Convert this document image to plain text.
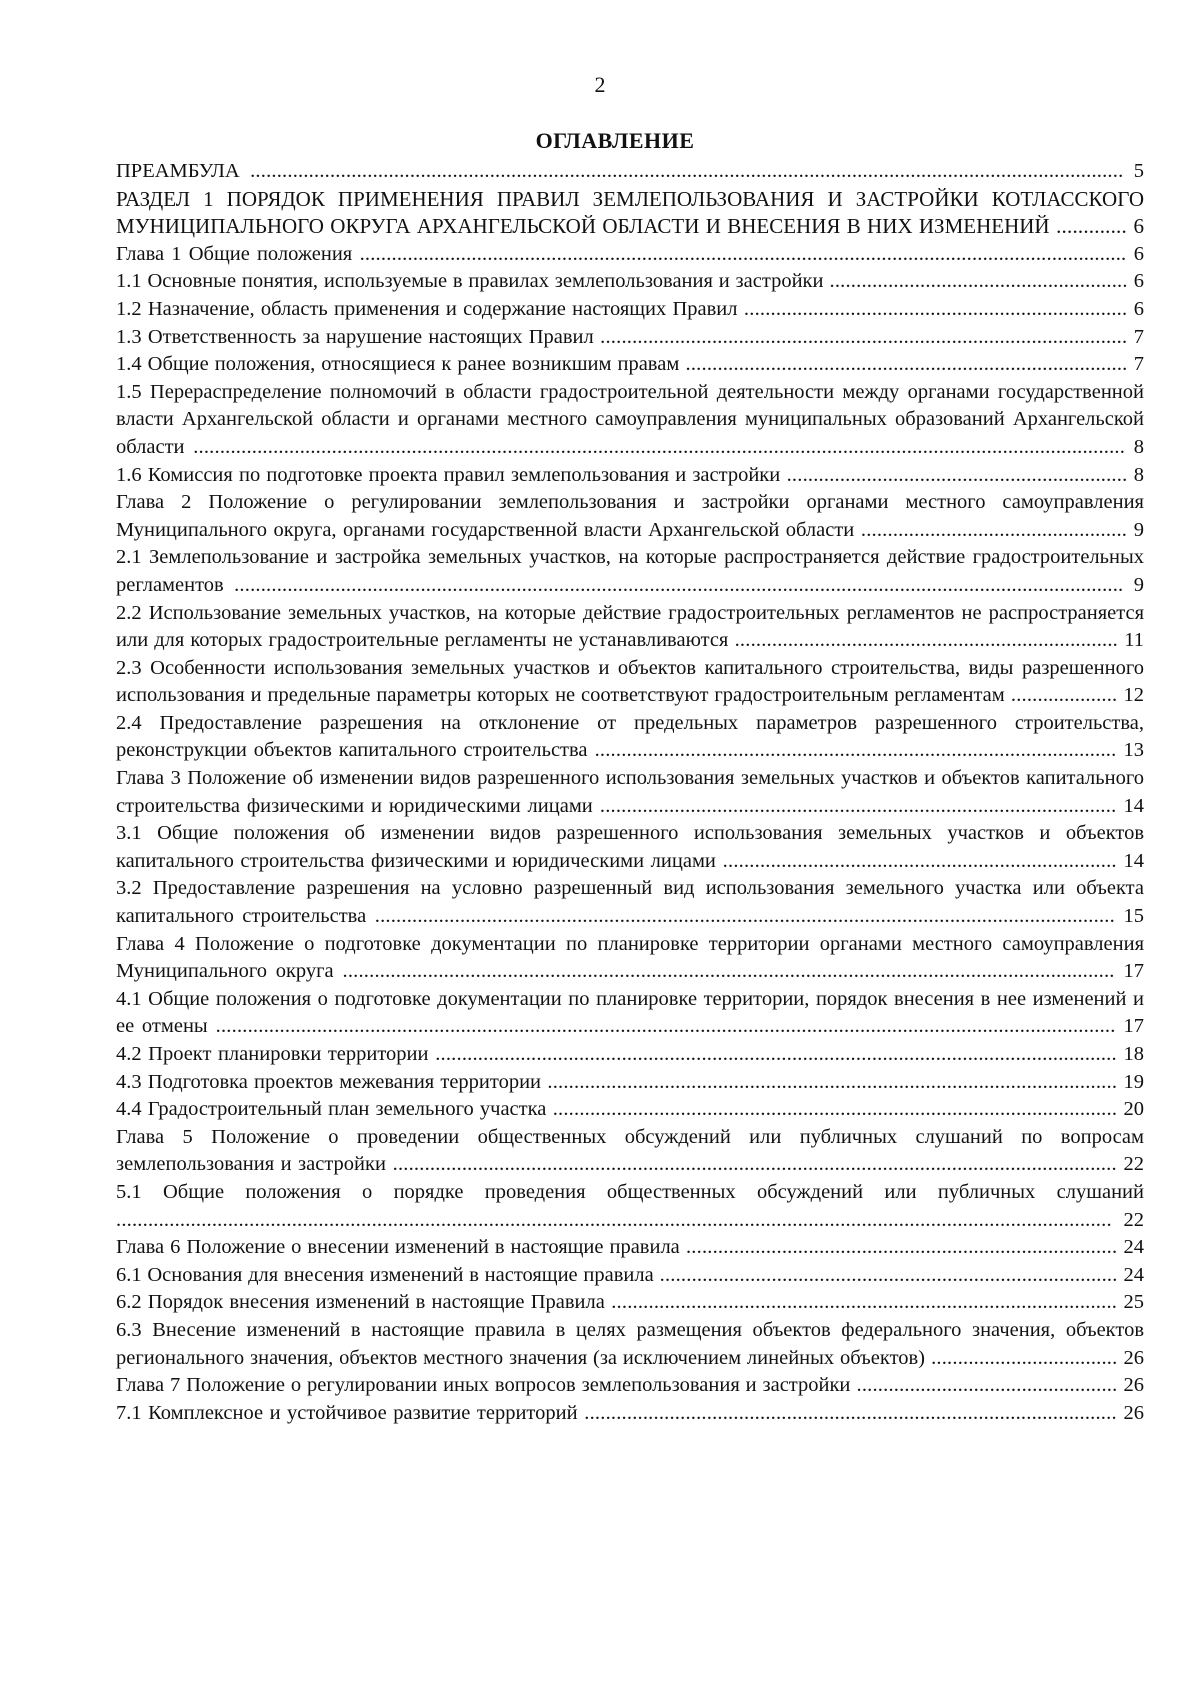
2
ОГЛАВЛЕНИЕ
ПРЕАМБУЛА .................................................................................................................................................................... 5
РАЗДЕЛ 1 ПОРЯДОК ПРИМЕНЕНИЯ ПРАВИЛ ЗЕМЛЕПОЛЬЗОВАНИЯ И ЗАСТРОЙКИ КОТЛАССКОГО МУНИЦИПАЛЬНОГО ОКРУГА АРХАНГЕЛЬСКОЙ ОБЛАСТИ И ВНЕСЕНИЯ В НИХ ИЗМЕНЕНИЙ ............. 6
Глава 1 Общие положения ................................................................................................................................................ 6
1.1 Основные понятия, используемые в правилах землепользования и застройки ........................................................ 6
1.2 Назначение, область применения и содержание настоящих Правил ........................................................................ 6
1.3 Ответственность за нарушение настоящих Правил ................................................................................................... 7
1.4 Общие положения, относящиеся к ранее возникшим правам ................................................................................... 7
1.5 Перераспределение полномочий в области градостроительной деятельности между органами государственной власти Архангельской области и органами местного самоуправления муниципальных образований Архангельской области ............................................................................................................................................................................... 8
1.6 Комиссия по подготовке проекта правил землепользования и застройки ................................................................ 8
Глава 2 Положение о регулировании землепользования и застройки органами местного самоуправления Муниципального округа, органами государственной власти Архангельской области .................................................. 9
2.1 Землепользование и застройка земельных участков, на которые распространяется действие градостроительных регламентов ....................................................................................................................................................................... 9
2.2 Использование земельных участков, на которые действие градостроительных регламентов не распространяется или для которых градостроительные регламенты не устанавливаются ........................................................................ 11
2.3 Особенности использования земельных участков и объектов капитального строительства, виды разрешенного использования и предельные параметры которых не соответствуют градостроительным регламентам .................... 12
2.4 Предоставление разрешения на отклонение от предельных параметров разрешенного строительства, реконструкции объектов капитального строительства .................................................................................................. 13
Глава 3 Положение об изменении видов разрешенного использования земельных участков и объектов капитального строительства физическими и юридическими лицами ................................................................................................. 14
3.1 Общие положения об изменении видов разрешенного использования земельных участков и объектов капитального строительства физическими и юридическими лицами .......................................................................... 14
3.2 Предоставление разрешения на условно разрешенный вид использования земельного участка или объекта капитального строительства ........................................................................................................................................... 15
Глава 4 Положение о подготовке документации по планировке территории органами местного самоуправления Муниципального округа ................................................................................................................................................. 17
4.1 Общие положения о подготовке документации по планировке территории, порядок внесения в нее изменений и ее отмены ......................................................................................................................................................................... 17
4.2 Проект планировки территории ................................................................................................................................ 18
4.3 Подготовка проектов межевания территории ........................................................................................................... 19
4.4 Градостроительный план земельного участка .......................................................................................................... 20
Глава 5 Положение о проведении общественных обсуждений или публичных слушаний по вопросам землепользования и застройки ........................................................................................................................................ 22
5.1 Общие положения о порядке проведения общественных обсуждений или публичных слушаний
........................................................................................................................................................................................... 22
Глава 6 Положение о внесении изменений в настоящие правила ................................................................................. 24
6.1 Основания для внесения изменений в настоящие правила ...................................................................................... 24
6.2 Порядок внесения изменений в настоящие Правила ............................................................................................... 25
6.3 Внесение изменений в настоящие правила в целях размещения объектов федерального значения, объектов регионального значения, объектов местного значения (за исключением линейных объектов) ................................... 26
Глава 7 Положение о регулировании иных вопросов землепользования и застройки ................................................. 26
7.1 Комплексное и устойчивое развитие территорий .................................................................................................... 26
